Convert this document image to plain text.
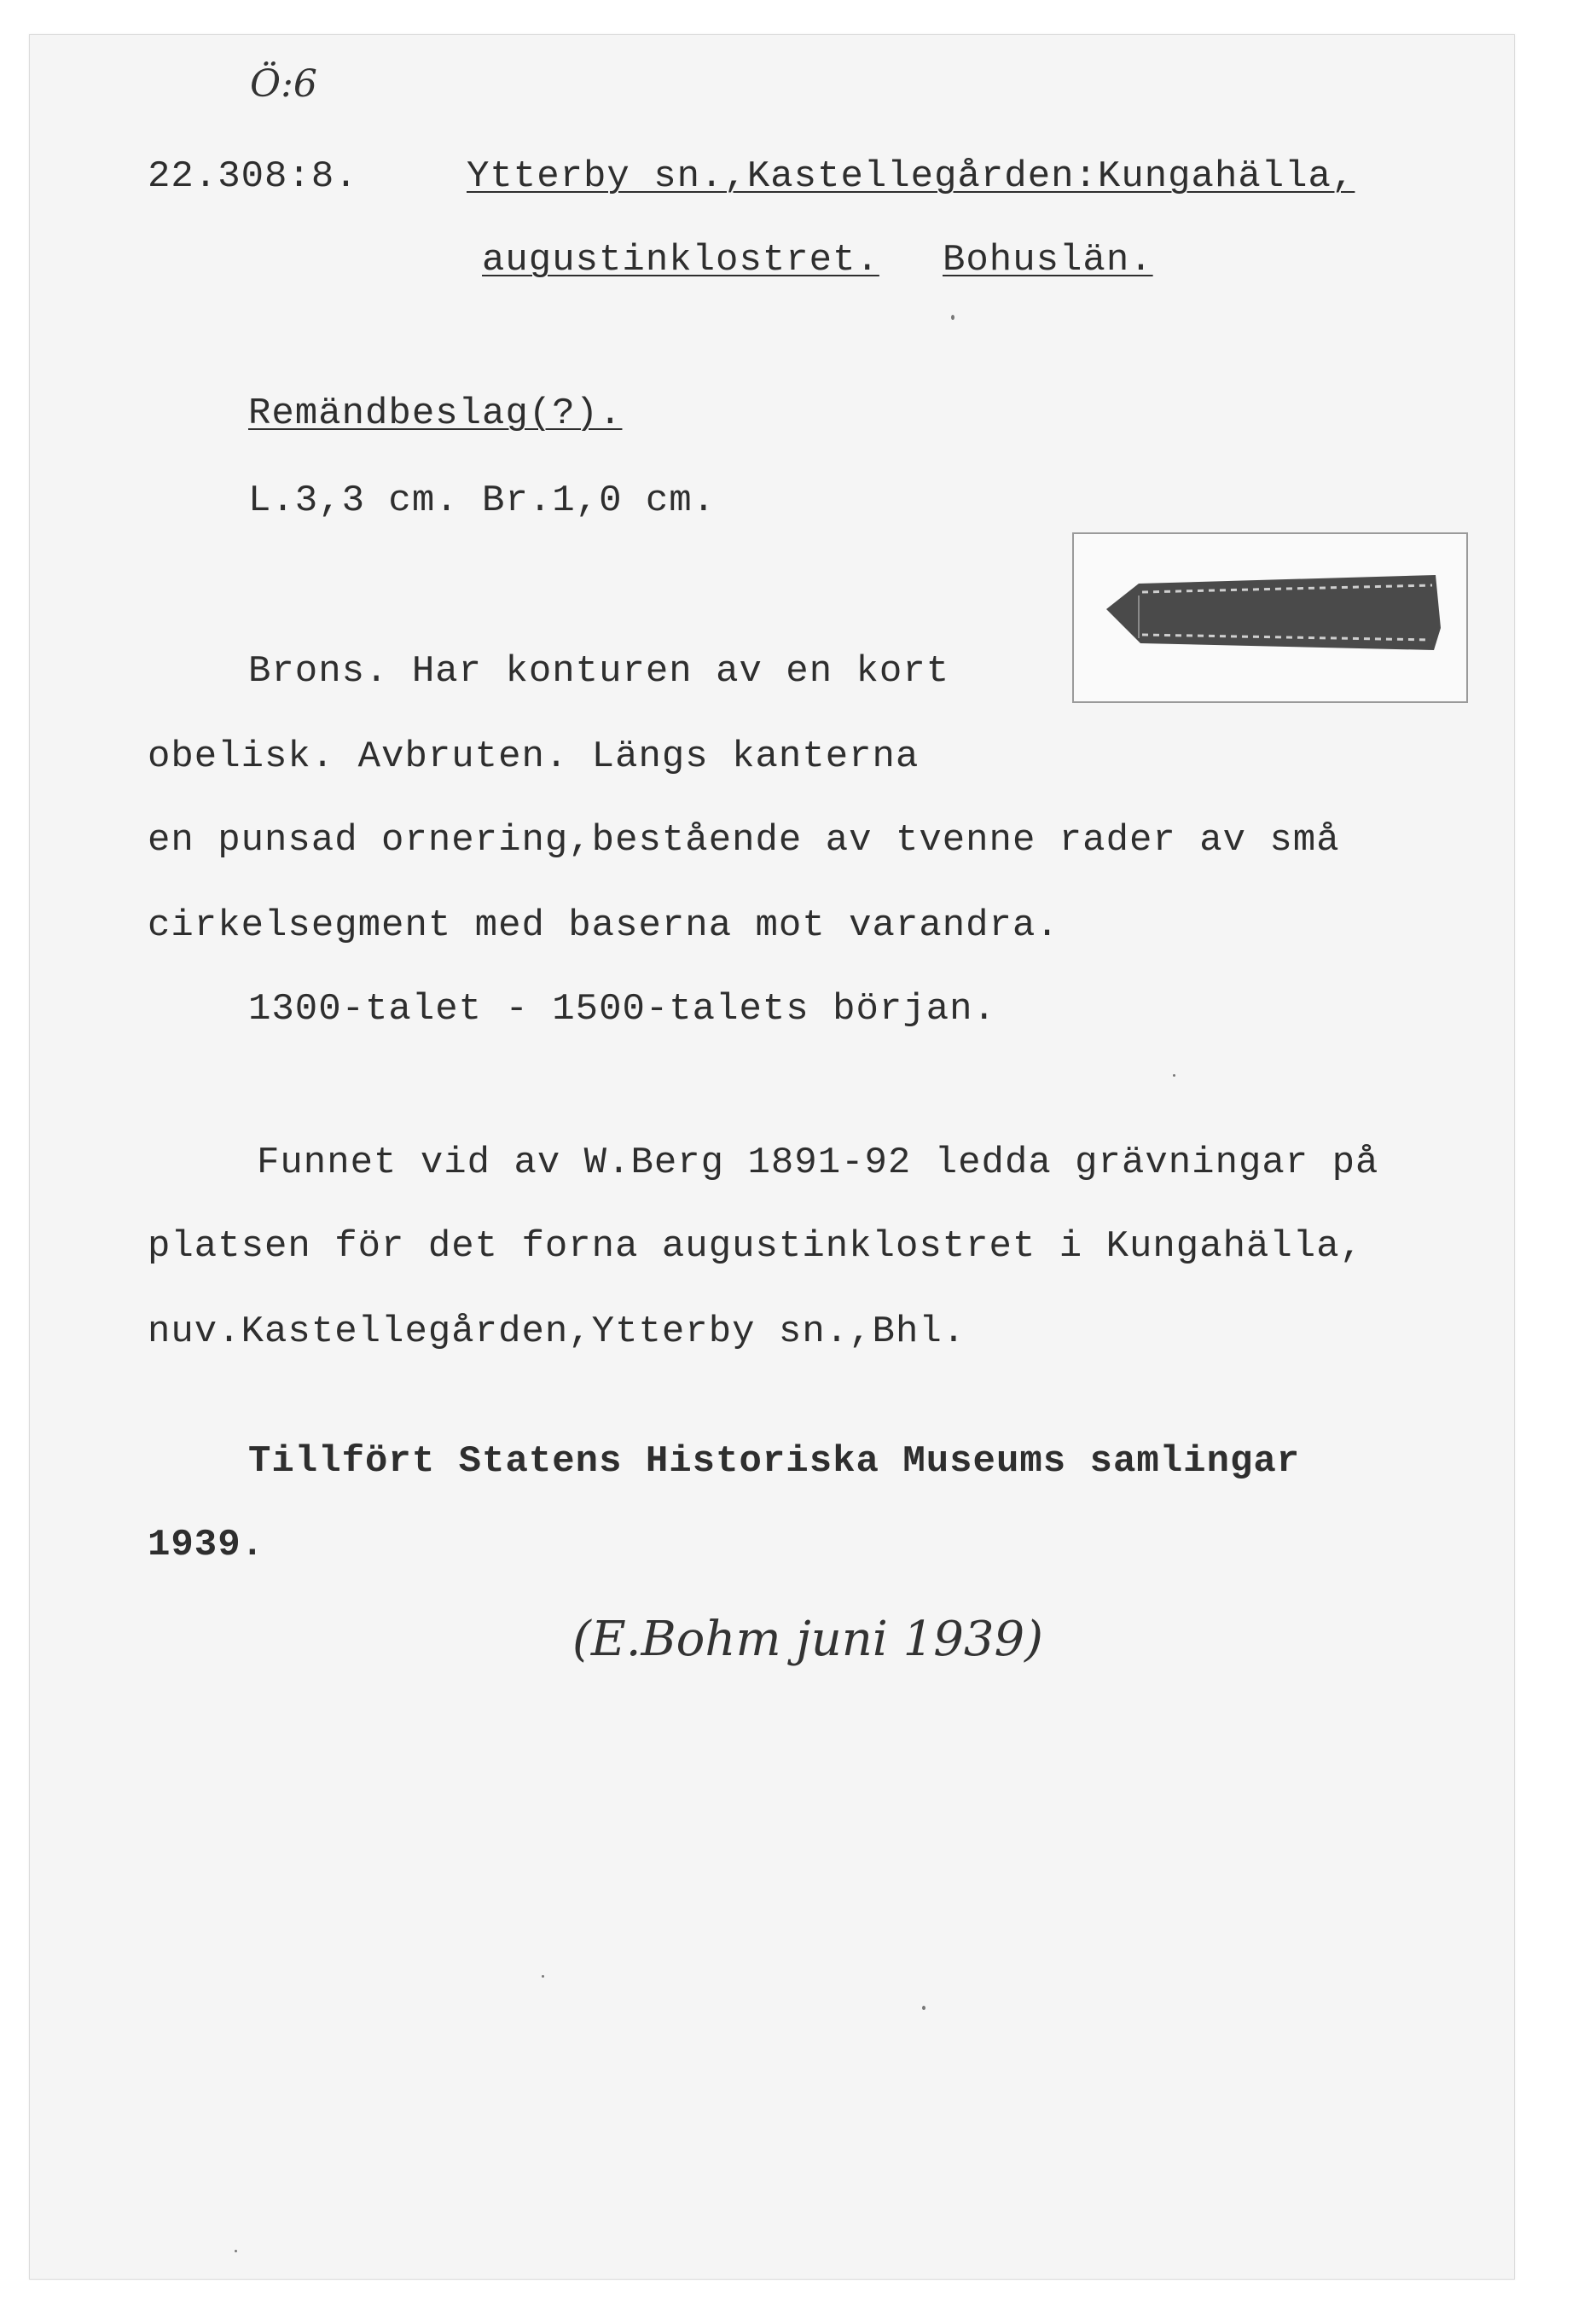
Ö:6
22.308:8.	Ytterby sn.,Kastellegården:Kungahälla,
augustinklostret. Bohuslän.
Remändbeslag(?).
L.3,3 cm. Br.1,0 cm.
Brons. Har konturen av en kort
obelisk. Avbruten. Längs kanterna
en punsad ornering,bestående av tvenne rader av små
cirkelsegment med baserna mot varandra.
1300-talet - 1500-talets början.
Funnet vid av W.Berg 1891-92 ledda grävningar på
platsen för det forna augustinklostret i Kungahälla,
nuv.Kastellegården,Ytterby sn.,Bhl.
Tillfört Statens Historiska Museums samlingar
1939.
(E.Bohm juni 1939)
